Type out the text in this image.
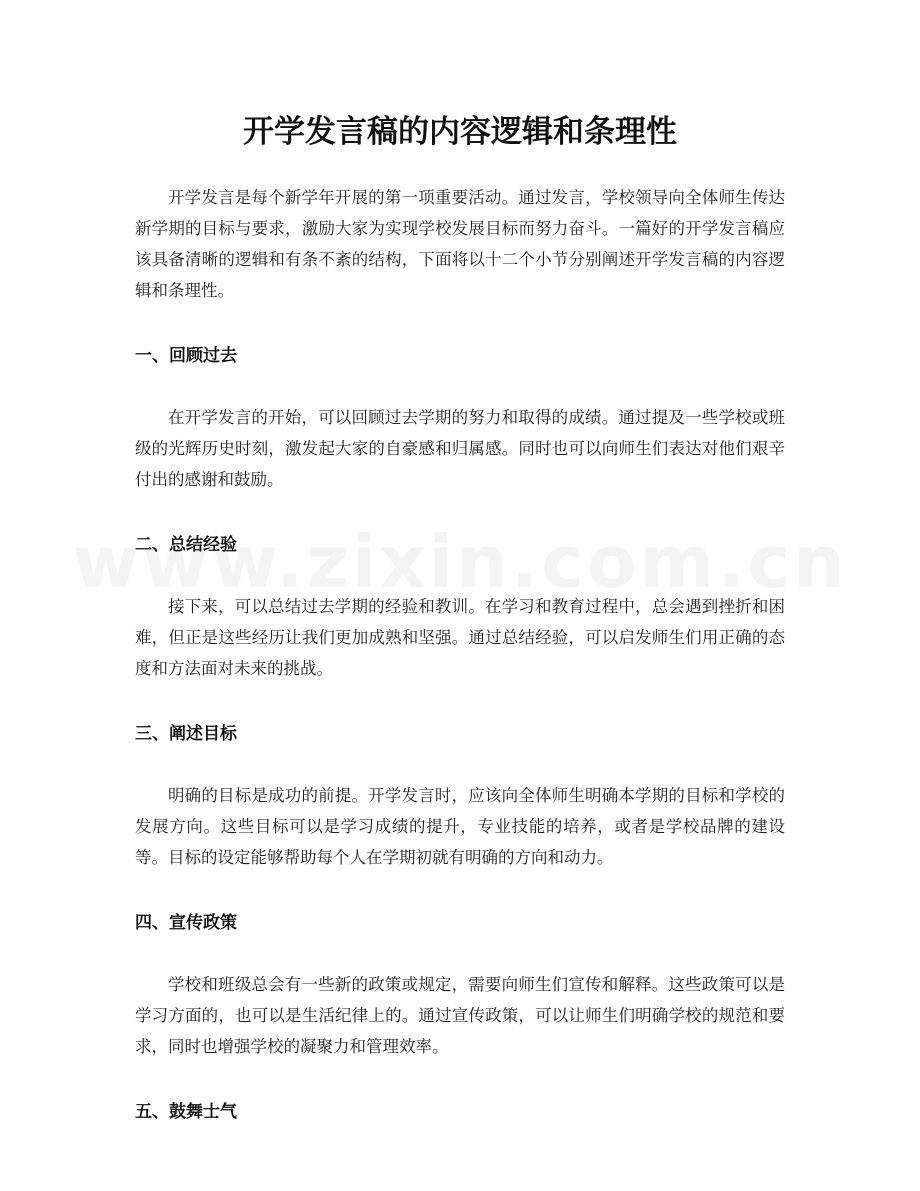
开学发言稿的内容逻辑和条理性

开学发言是每个新学年开展的第一项重要活动。通过发言，学校领导向全体师生传达新学期的目标与要求，激励大家为实现学校发展目标而努力奋斗。一篇好的开学发言稿应该具备清晰的逻辑和有条不紊的结构，下面将以十二个小节分别阐述开学发言稿的内容逻辑和条理性。

一、回顾过去

在开学发言的开始，可以回顾过去学期的努力和取得的成绩。通过提及一些学校或班级的光辉历史时刻，激发起大家的自豪感和归属感。同时也可以向师生们表达对他们艰辛付出的感谢和鼓励。

二、总结经验

接下来，可以总结过去学期的经验和教训。在学习和教育过程中，总会遇到挫折和困难，但正是这些经历让我们更加成熟和坚强。通过总结经验，可以启发师生们用正确的态度和方法面对未来的挑战。

三、阐述目标

明确的目标是成功的前提。开学发言时，应该向全体师生明确本学期的目标和学校的发展方向。这些目标可以是学习成绩的提升，专业技能的培养，或者是学校品牌的建设等。目标的设定能够帮助每个人在学期初就有明确的方向和动力。

四、宣传政策

学校和班级总会有一些新的政策或规定，需要向师生们宣传和解释。这些政策可以是学习方面的，也可以是生活纪律上的。通过宣传政策，可以让师生们明确学校的规范和要求，同时也增强学校的凝聚力和管理效率。

五、鼓舞士气
